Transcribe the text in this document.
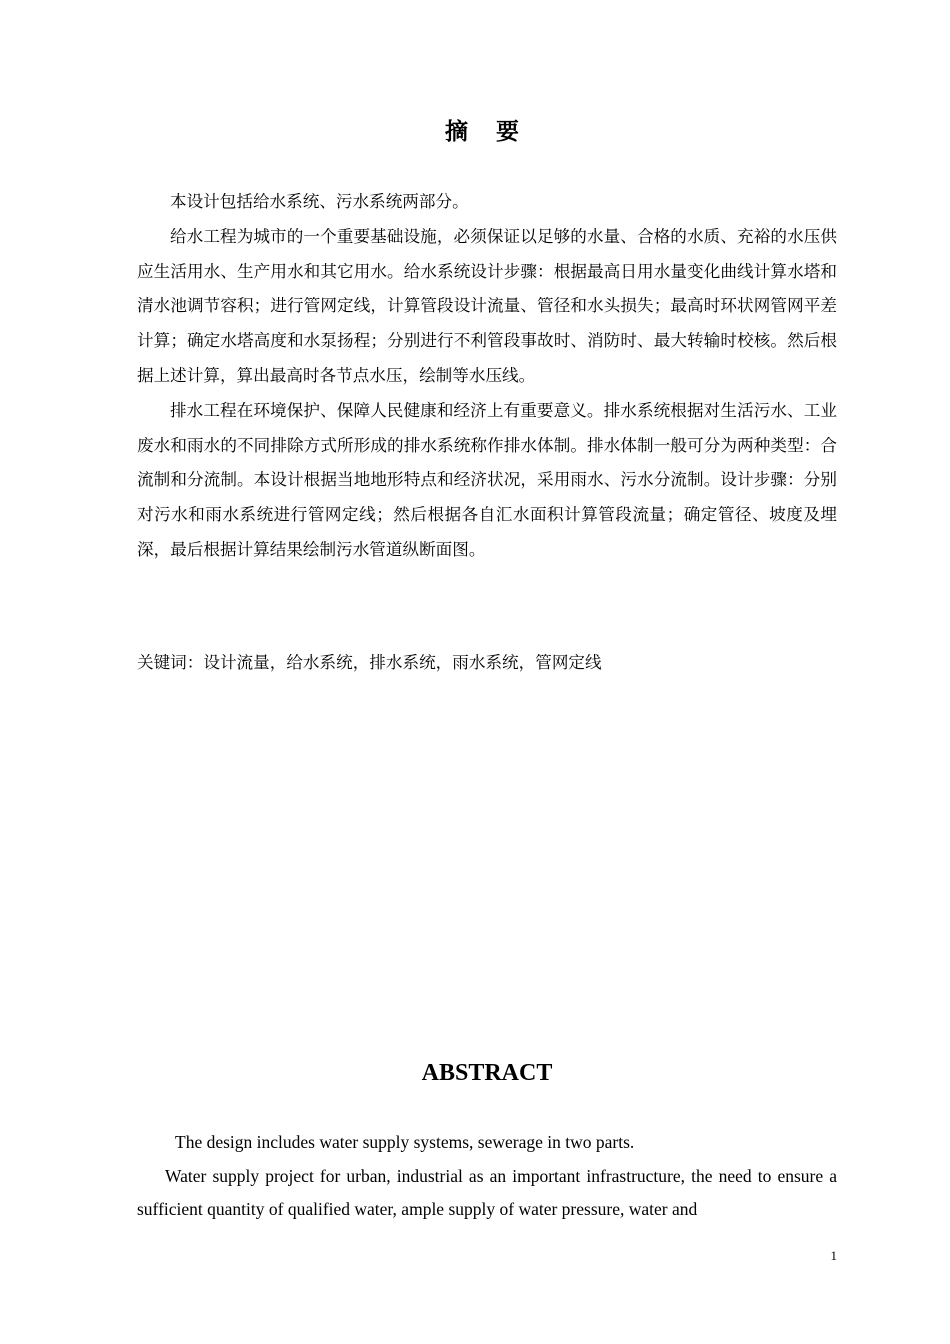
摘 要

本设计包括给水系统、污水系统两部分。

给水工程为城市的一个重要基础设施，必须保证以足够的水量、合格的水质、充裕的水压供应生活用水、生产用水和其它用水。给水系统设计步骤：根据最高日用水量变化曲线计算水塔和清水池调节容积；进行管网定线，计算管段设计流量、管径和水头损失；最高时环状网管网平差计算；确定水塔高度和水泵扬程；分别进行不利管段事故时、消防时、最大转输时校核。然后根据上述计算，算出最高时各节点水压，绘制等水压线。

排水工程在环境保护、保障人民健康和经济上有重要意义。排水系统根据对生活污水、工业废水和雨水的不同排除方式所形成的排水系统称作排水体制。排水体制一般可分为两种类型：合流制和分流制。本设计根据当地地形特点和经济状况，采用雨水、污水分流制。设计步骤：分别对污水和雨水系统进行管网定线；然后根据各自汇水面积计算管段流量；确定管径、坡度及埋深，最后根据计算结果绘制污水管道纵断面图。

关键词：设计流量，给水系统，排水系统，雨水系统，管网定线
ABSTRACT

The design includes water supply systems, sewerage in two parts.

Water supply project for urban, industrial as an important infrastructure, the need to ensure a sufficient quantity of qualified water, ample supply of water pressure, water and

1
